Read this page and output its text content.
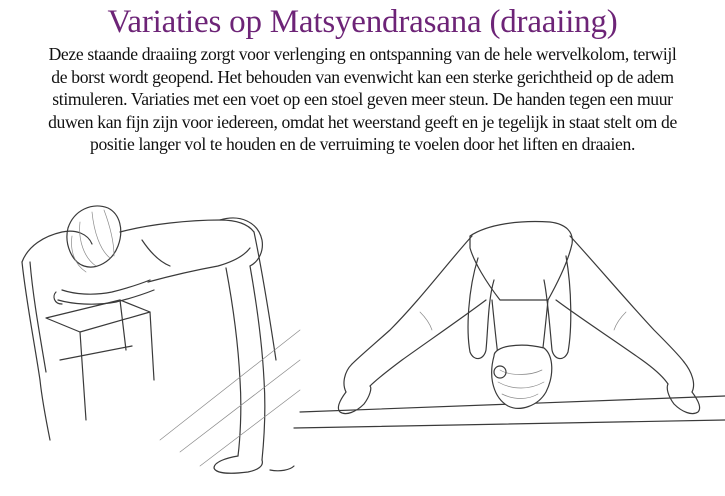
Variaties op Matsyendrasana (draaiing)

Deze staande draaiing zorgt voor verlenging en ontspanning van de hele wervelkolom, terwijl
de borst wordt geopend. Het behouden van evenwicht kan een sterke gerichtheid op de adem
stimuleren. Variaties met een voet op een stoel geven meer steun. De handen tegen een muur
duwen kan fijn zijn voor iedereen, omdat het weerstand geeft en je tegelijk in staat stelt om de
positie langer vol te houden en de verruiming te voelen door het liften en draaien.
